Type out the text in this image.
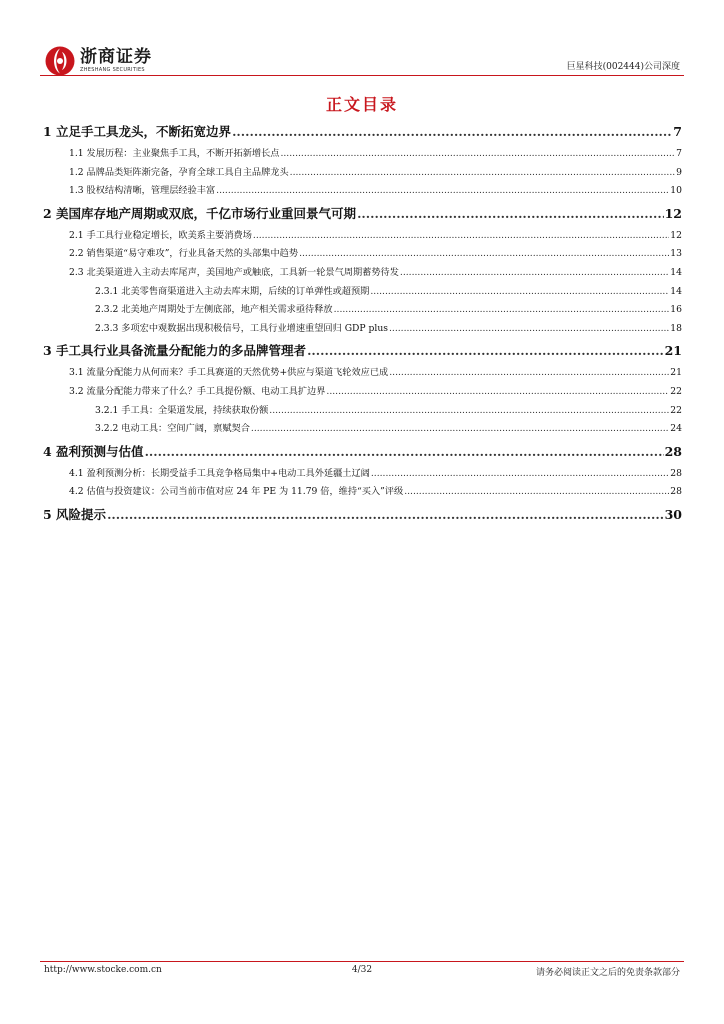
浙商证券
ZHESHANG SECURITIES	巨星科技(002444)公司深度
正文目录
1 立足手工具龙头，不断拓宽边界 .....	7
1.1 发展历程：主业聚焦手工具，不断开拓新增长点 .....	7
1.2 品牌品类矩阵渐完备，孕育全球工具自主品牌龙头 .....	9
1.3 股权结构清晰，管理层经验丰富 .....	10
2 美国库存地产周期或双底，千亿市场行业重回景气可期 .....	12
2.1 手工具行业稳定增长，欧美系主要消费场 .....	12
2.2 销售渠道“易守难攻”，行业具备天然的头部集中趋势 .....	13
2.3 北美渠道进入主动去库尾声，美国地产或触底，工具新一轮景气周期蓄势待发 .....	14
2.3.1 北美零售商渠道进入主动去库末期，后续的订单弹性或超预期 .....	14
2.3.2 北美地产周期处于左侧底部，地产相关需求亟待释放 .....	16
2.3.3 多项宏中观数据出现积极信号，工具行业增速重望回归 GDP plus .....	18
3 手工具行业具备流量分配能力的多品牌管理者 .....	21
3.1 流量分配能力从何而来？手工具赛道的天然优势+供应与渠道飞轮效应已成 .....	21
3.2 流量分配能力带来了什么？手工具提份额、电动工具扩边界 .....	22
3.2.1 手工具：全渠道发展，持续获取份额 .....	22
3.2.2 电动工具：空间广阔，禀赋契合 .....	24
4 盈利预测与估值 .....	28
4.1 盈利预测分析：长期受益手工具竞争格局集中+电动工具外延疆土辽阔 .....	28
4.2 估值与投资建议：公司当前市值对应 24 年 PE 为 11.79 倍，维持“买入”评级 .....	28
5 风险提示 .....	30
http://www.stocke.com.cn	4/32	请务必阅读正文之后的免责条款部分
